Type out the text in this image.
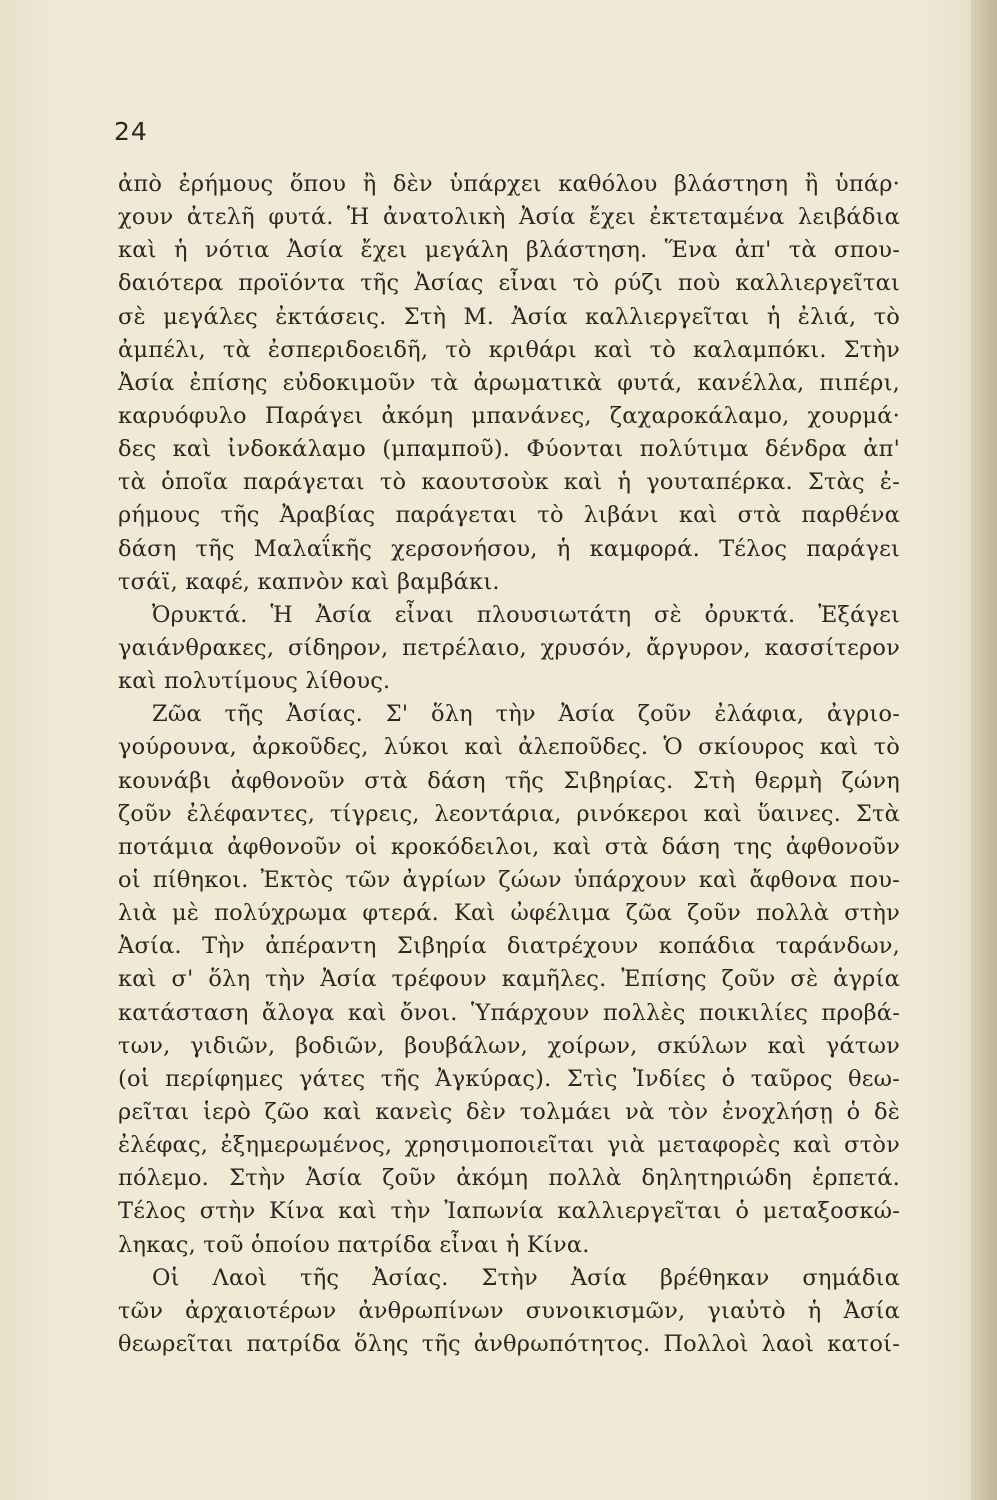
24
ἀπὸ ἐρήμους ὅπου ἢ δὲν ὑπάρχει καθόλου βλάστηση ἢ ὑπάρ·
χουν ἀτελῆ φυτά. Ἡ ἀνατολικὴ Ἀσία ἔχει ἐκτεταμένα λειβάδια
καὶ ἡ νότια Ἀσία ἔχει μεγάλη βλάστηση. Ἕνα ἀπ' τὰ σπου-
δαιότερα προϊόντα τῆς Ἀσίας εἶναι τὸ ρύζι ποὺ καλλιεργεῖται
σὲ μεγάλες ἐκτάσεις. Στὴ Μ. Ἀσία καλλιεργεῖται ἡ ἐλιά, τὸ
ἀμπέλι, τὰ ἐσπεριδοειδῆ, τὸ κριθάρι καὶ τὸ καλαμπόκι. Στὴν
Ἀσία ἐπίσης εὐδοκιμοῦν τὰ ἀρωματικὰ φυτά, κανέλλα, πιπέρι,
καρυόφυλο Παράγει ἀκόμη μπανάνες, ζαχαροκάλαμο, χουρμά·
δες καὶ ἰνδοκάλαμο (μπαμποῦ). Φύονται πολύτιμα δένδρα ἀπ'
τὰ ὁποῖα παράγεται τὸ καουτσοὺκ καὶ ἡ γουταπέρκα. Στὰς ἐ-
ρήμους τῆς Ἀραβίας παράγεται τὸ λιβάνι καὶ στὰ παρθένα
δάση τῆς Μαλαΐκῆς χερσονήσου, ἡ καμφορά. Τέλος παράγει
τσάϊ, καφέ, καπνὸν καὶ βαμβάκι.
Ὀρυκτά. Ἡ Ἀσία εἶναι πλουσιωτάτη σὲ ὀρυκτά. Ἐξάγει
γαιάνθρακες, σίδηρον, πετρέλαιο, χρυσόν, ἄργυρον, κασσίτερον
καὶ πολυτίμους λίθους.
Ζῶα τῆς Ἀσίας. Σ' ὅλη τὴν Ἀσία ζοῦν ἐλάφια, ἀγριο-
γούρουνα, ἀρκοῦδες, λύκοι καὶ ἀλεποῦδες. Ὁ σκίουρος καὶ τὸ
κουνάβι ἀφθονοῦν στὰ δάση τῆς Σιβηρίας. Στὴ θερμὴ ζώνη
ζοῦν ἐλέφαντες, τίγρεις, λεοντάρια, ρινόκεροι καὶ ὕαινες. Στὰ
ποτάμια ἀφθονοῦν οἱ κροκόδειλοι, καὶ στὰ δάση της ἀφθονοῦν
οἱ πίθηκοι. Ἐκτὸς τῶν ἀγρίων ζώων ὑπάρχουν καὶ ἄφθονα που-
λιὰ μὲ πολύχρωμα φτερά. Καὶ ὠφέλιμα ζῶα ζοῦν πολλὰ στὴν
Ἀσία. Τὴν ἀπέραντη Σιβηρία διατρέχουν κοπάδια ταράνδων,
καὶ σ' ὅλη τὴν Ἀσία τρέφουν καμῆλες. Ἐπίσης ζοῦν σὲ ἀγρία
κατάσταση ἄλογα καὶ ὄνοι. Ὑπάρχουν πολλὲς ποικιλίες προβά-
των, γιδιῶν, βοδιῶν, βουβάλων, χοίρων, σκύλων καὶ γάτων
(οἱ περίφημες γάτες τῆς Ἀγκύρας). Στὶς Ἰνδίες ὁ ταῦρος θεω-
ρεῖται ἱερὸ ζῶο καὶ κανεὶς δὲν τολμάει νὰ τὸν ἐνοχλήσῃ ὁ δὲ
ἐλέφας, ἐξημερωμένος, χρησιμοποιεῖται γιὰ μεταφορὲς καὶ στὸν
πόλεμο. Στὴν Ἀσία ζοῦν ἀκόμη πολλὰ δηλητηριώδη ἑρπετά.
Τέλος στὴν Κίνα καὶ τὴν Ἰαπωνία καλλιεργεῖται ὁ μεταξοσκώ-
ληκας, τοῦ ὁποίου πατρίδα εἶναι ἡ Κίνα.
Οἱ Λαοὶ τῆς Ἀσίας. Στὴν Ἀσία βρέθηκαν σημάδια
τῶν ἀρχαιοτέρων ἀνθρωπίνων συνοικισμῶν, γιαὐτὸ ἡ Ἀσία
θεωρεῖται πατρίδα ὅλης τῆς ἀνθρωπότητος. Πολλοὶ λαοὶ κατοί-
